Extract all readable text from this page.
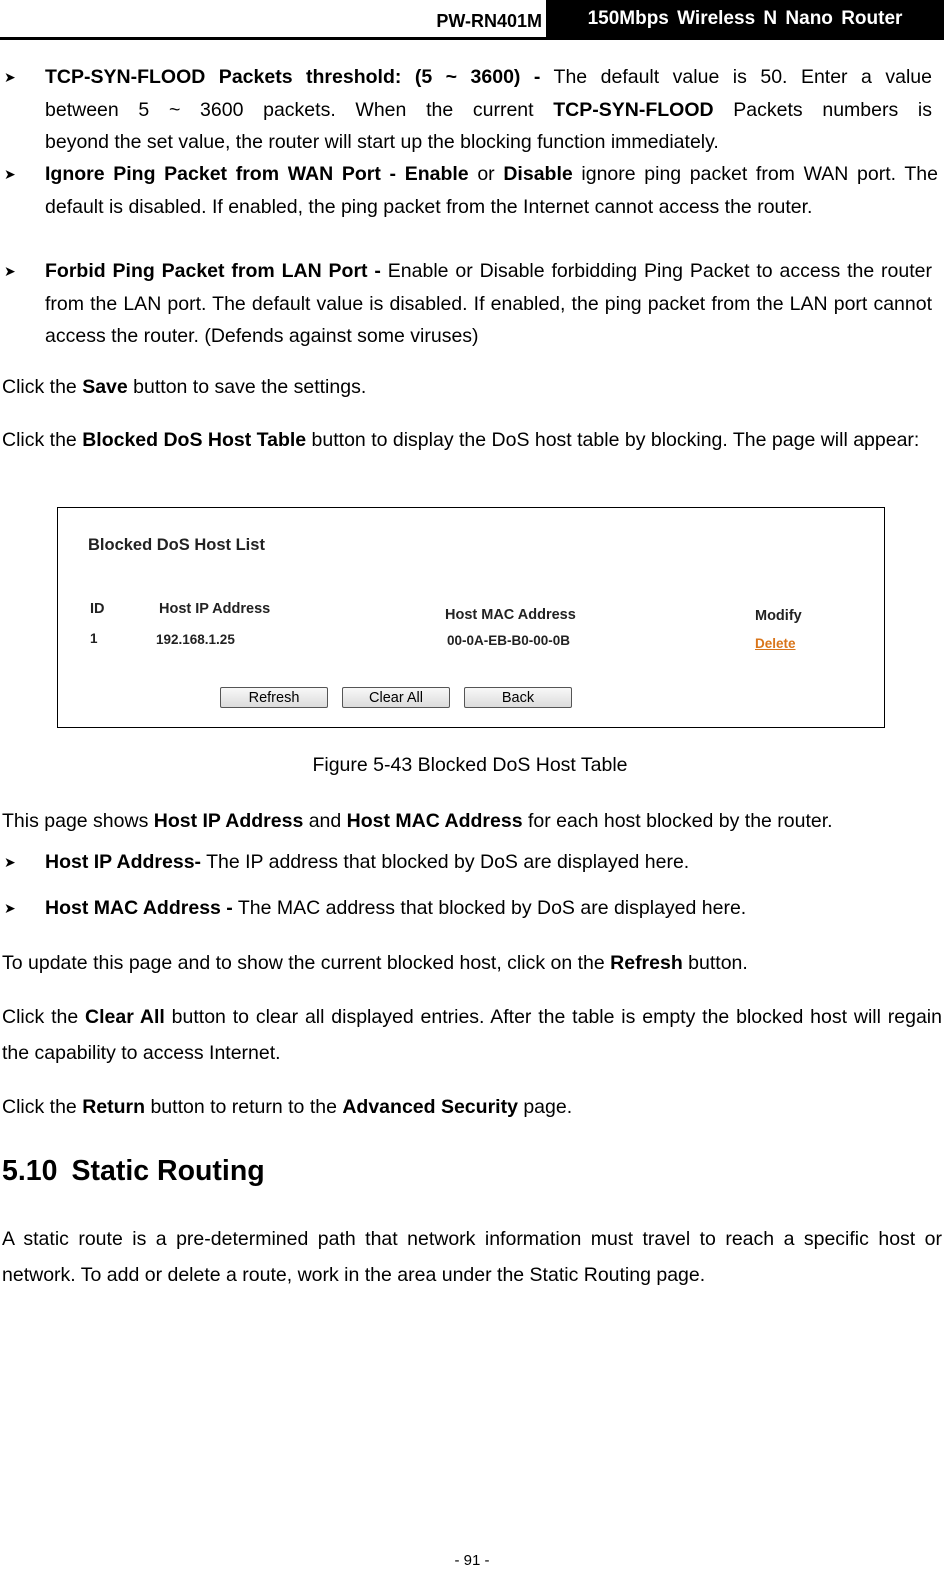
PW-RN401M	150Mbps Wireless N Nano Router
➤ TCP-SYN-FLOOD Packets threshold: (5 ~ 3600) - The default value is 50. Enter a value
between 5 ~ 3600 packets. When the current TCP-SYN-FLOOD Packets numbers is
beyond the set value, the router will start up the blocking function immediately.
➤ Ignore Ping Packet from WAN Port - Enable or Disable ignore ping packet from WAN port. The default is disabled. If enabled, the ping packet from the Internet cannot access the router.
➤ Forbid Ping Packet from LAN Port - Enable or Disable forbidding Ping Packet to access the router from the LAN port. The default value is disabled. If enabled, the ping packet from the LAN port cannot access the router. (Defends against some viruses)
Click the Save button to save the settings.
Click the Blocked DoS Host Table button to display the DoS host table by blocking. The page will appear:
Blocked DoS Host List
ID	Host IP Address	Host MAC Address	Modify
1	192.168.1.25	00-0A-EB-B0-00-0B	Delete
Refresh	Clear All	Back
Figure 5-43 Blocked DoS Host Table
This page shows Host IP Address and Host MAC Address for each host blocked by the router.
➤ Host IP Address- The IP address that blocked by DoS are displayed here.
➤ Host MAC Address - The MAC address that blocked by DoS are displayed here.
To update this page and to show the current blocked host, click on the Refresh button.
Click the Clear All button to clear all displayed entries. After the table is empty the blocked host will regain the capability to access Internet.
Click the Return button to return to the Advanced Security page.
5.10 Static Routing
A static route is a pre-determined path that network information must travel to reach a specific host or network. To add or delete a route, work in the area under the Static Routing page.
- 91 -
